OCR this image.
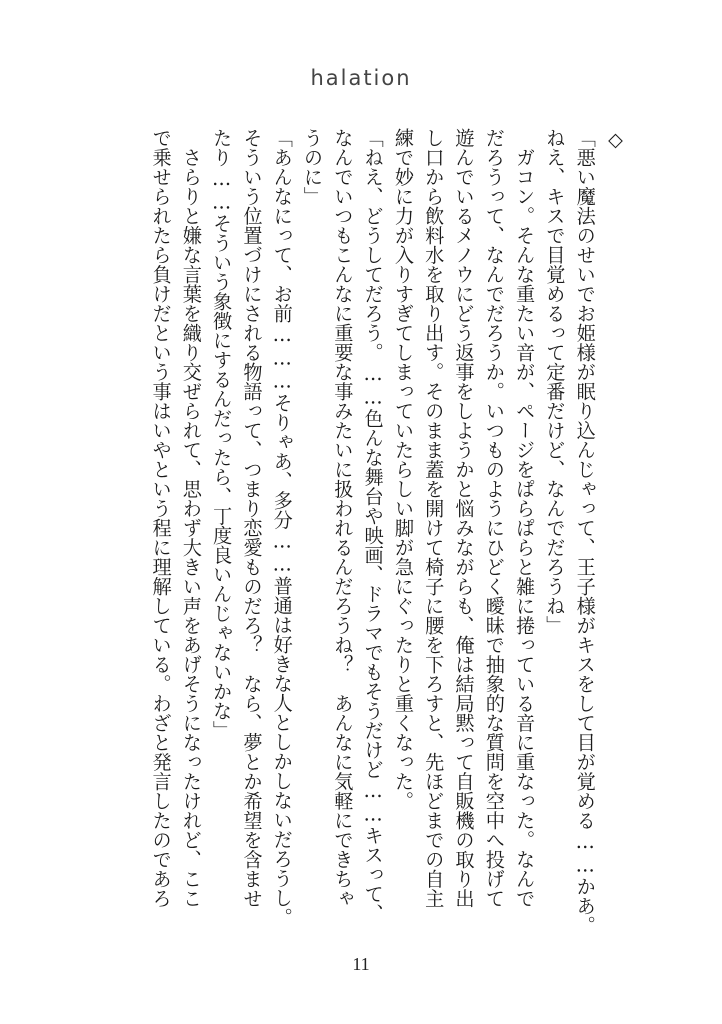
halation
◇
「悪い魔法のせいでお姫様が眠り込んじゃって、王子様がキスをして目が覚める……かあ。
ねえ、キスで目覚めるって定番だけど、なんでだろうね」
　ガコン。そんな重たい音が、ページをぱらぱらと雑に捲っている音に重なった。なんで
だろうって、なんでだろうか。いつものようにひどく曖昧で抽象的な質問を空中へ投げて
遊んでいるメノウにどう返事をしようかと悩みながらも、俺は結局黙って自販機の取り出
し口から飲料水を取り出す。そのまま蓋を開けて椅子に腰を下ろすと、先ほどまでの自主
練で妙に力が入りすぎてしまっていたらしい脚が急にぐったりと重くなった。
「ねえ、どうしてだろう。……色んな舞台や映画、ドラマでもそうだけど……キスって、
なんでいつもこんなに重要な事みたいに扱われるんだろうね？　あんなに気軽にできちゃ
うのに」
「あんなにって、お前………そりゃあ、多分……普通は好きな人としかしないだろうし。
そういう位置づけにされる物語って、つまり恋愛ものだろ？　なら、夢とか希望を含ませ
たり……そういう象徴にするんだったら、丁度良いんじゃないかな」
　さらりと嫌な言葉を織り交ぜられて、思わず大きい声をあげそうになったけれど、ここ
で乗せられたら負けだという事はいやという程に理解している。わざと発言したのであろ
11
